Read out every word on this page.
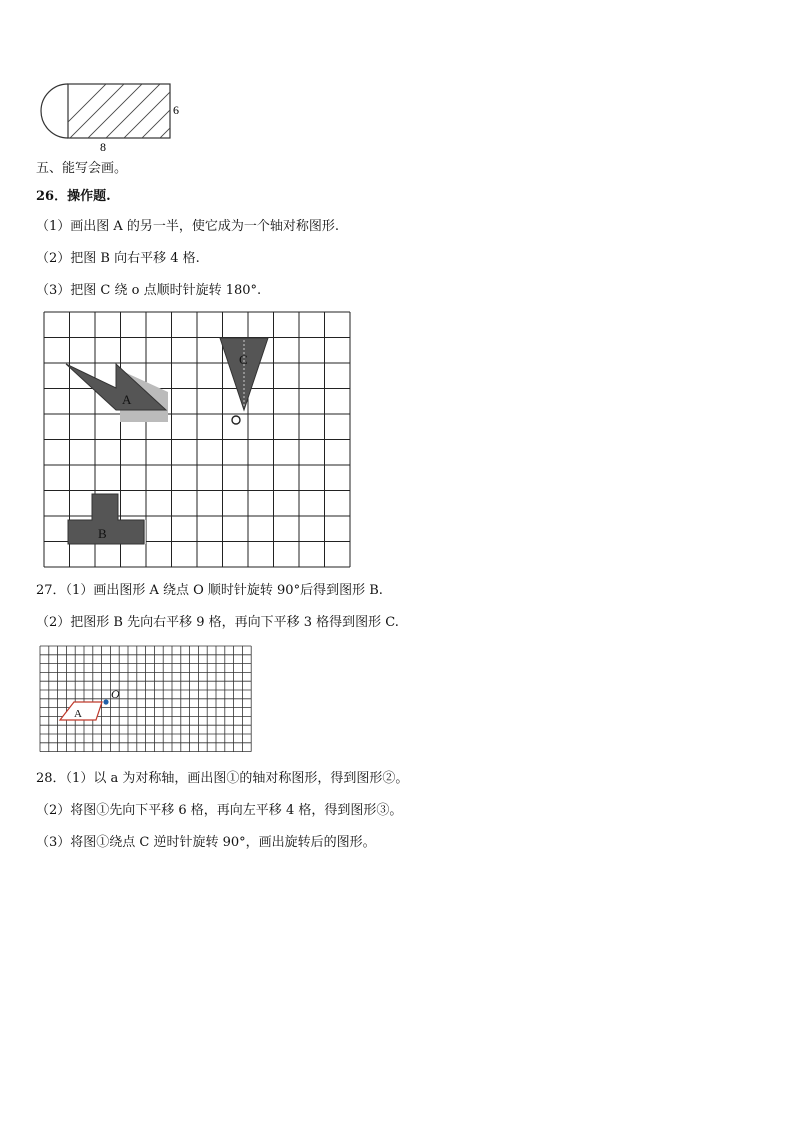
6
8
五、能写会画。
26．操作题.
（1）画出图 A 的另一半，使它成为一个轴对称图形.
（2）把图 B 向右平移 4 格.
（3）把图 C 绕 o 点顺时针旋转 180°.
A
C
B
27．（1）画出图形 A 绕点 O 顺时针旋转 90°后得到图形 B.
（2）把图形 B 先向右平移 9 格，再向下平移 3 格得到图形 C.
A
O
28．（1）以 a 为对称轴，画出图①的轴对称图形，得到图形②。
（2）将图①先向下平移 6 格，再向左平移 4 格，得到图形③。
（3）将图①绕点 C 逆时针旋转 90°，画出旋转后的图形。
